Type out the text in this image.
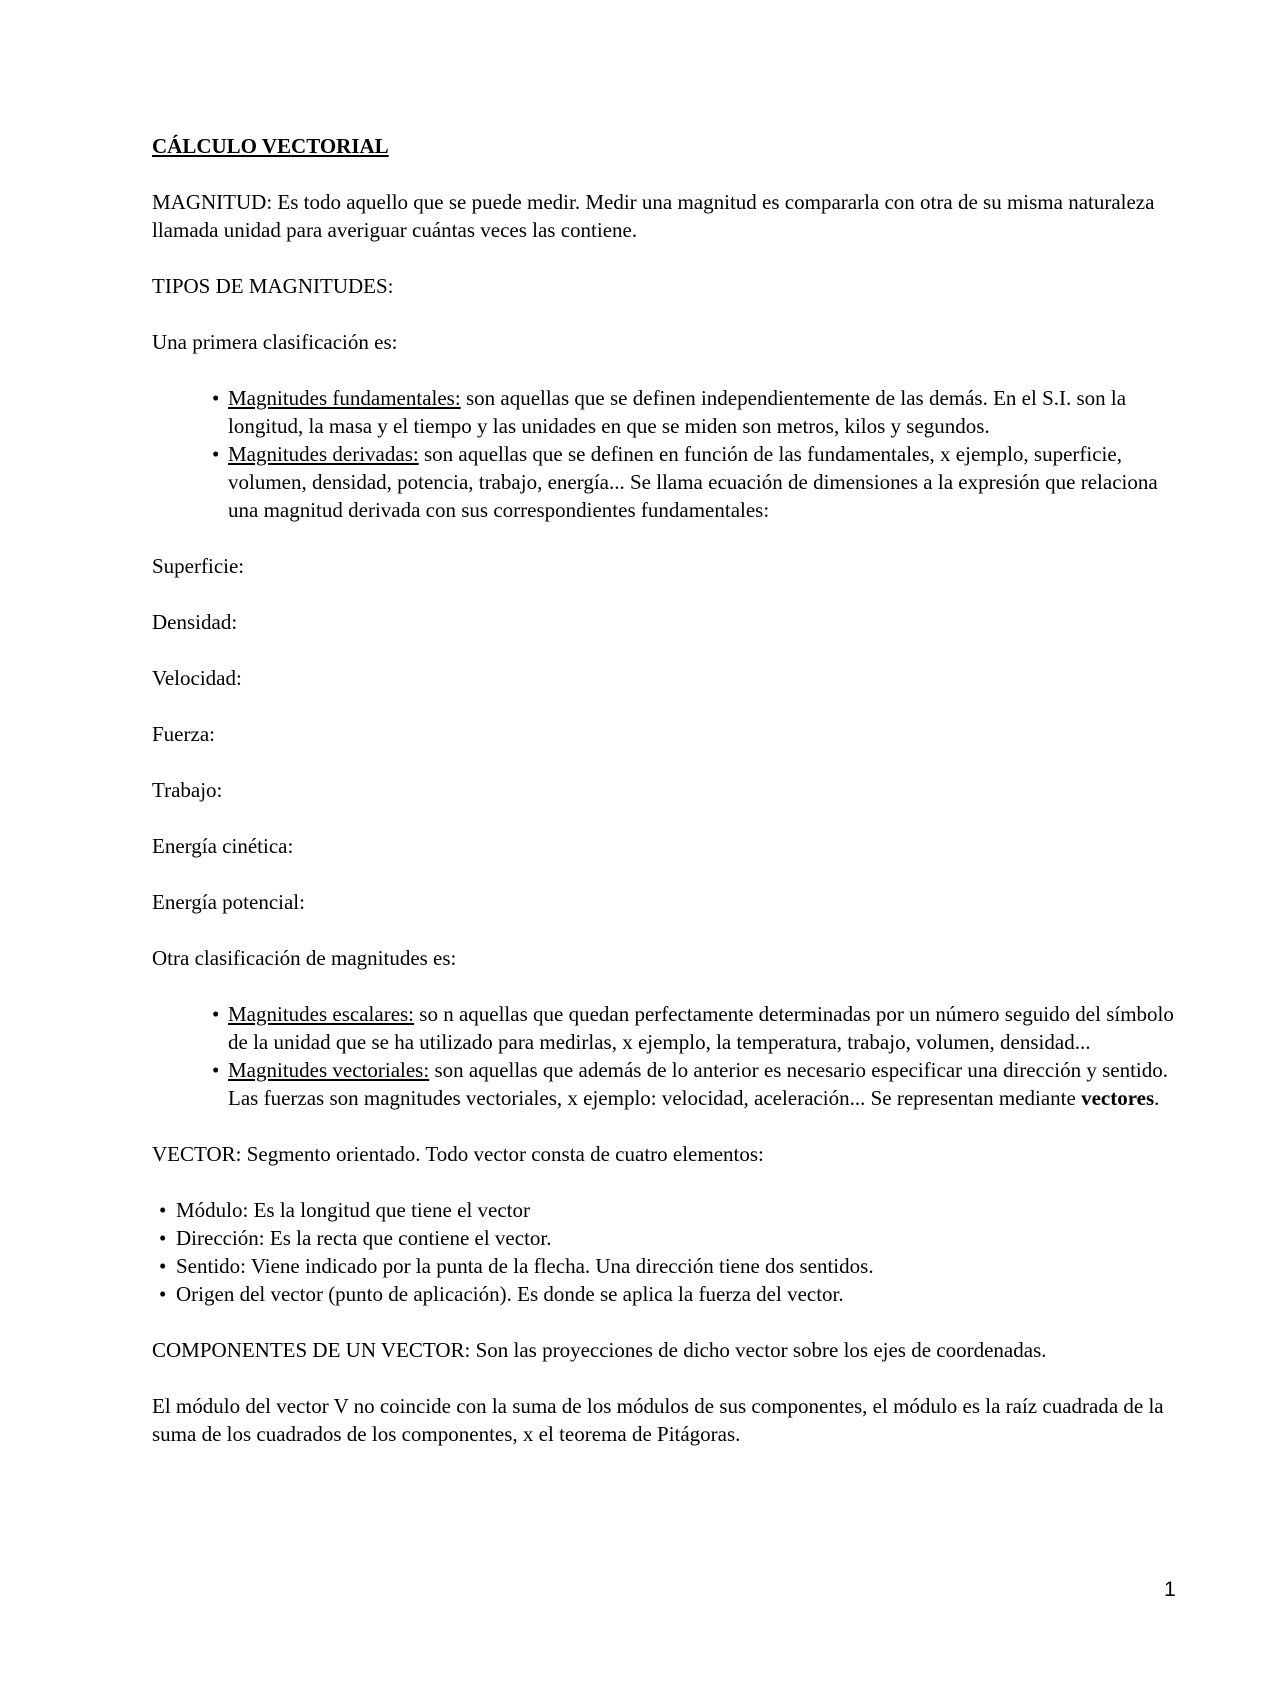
CÁLCULO VECTORIAL

MAGNITUD: Es todo aquello que se puede medir. Medir una magnitud es compararla con otra de su misma naturaleza llamada unidad para averiguar cuántas veces las contiene.

TIPOS DE MAGNITUDES:

Una primera clasificación es:

• Magnitudes fundamentales: son aquellas que se definen independientemente de las demás. En el S.I. son la longitud, la masa y el tiempo y las unidades en que se miden son metros, kilos y segundos.
• Magnitudes derivadas: son aquellas que se definen en función de las fundamentales, x ejemplo, superficie, volumen, densidad, potencia, trabajo, energía... Se llama ecuación de dimensiones a la expresión que relaciona una magnitud derivada con sus correspondientes fundamentales:

Superficie:

Densidad:

Velocidad:

Fuerza:

Trabajo:

Energía cinética:

Energía potencial:

Otra clasificación de magnitudes es:

• Magnitudes escalares: so n aquellas que quedan perfectamente determinadas por un número seguido del símbolo de la unidad que se ha utilizado para medirlas, x ejemplo, la temperatura, trabajo, volumen, densidad...
• Magnitudes vectoriales: son aquellas que además de lo anterior es necesario especificar una dirección y sentido. Las fuerzas son magnitudes vectoriales, x ejemplo: velocidad, aceleración... Se representan mediante vectores.

VECTOR: Segmento orientado. Todo vector consta de cuatro elementos:

• Módulo: Es la longitud que tiene el vector
• Dirección: Es la recta que contiene el vector.
• Sentido: Viene indicado por la punta de la flecha. Una dirección tiene dos sentidos.
• Origen del vector (punto de aplicación). Es donde se aplica la fuerza del vector.

COMPONENTES DE UN VECTOR: Son las proyecciones de dicho vector sobre los ejes de coordenadas.

El módulo del vector V no coincide con la suma de los módulos de sus componentes, el módulo es la raíz cuadrada de la suma de los cuadrados de los componentes, x el teorema de Pitágoras.

1
